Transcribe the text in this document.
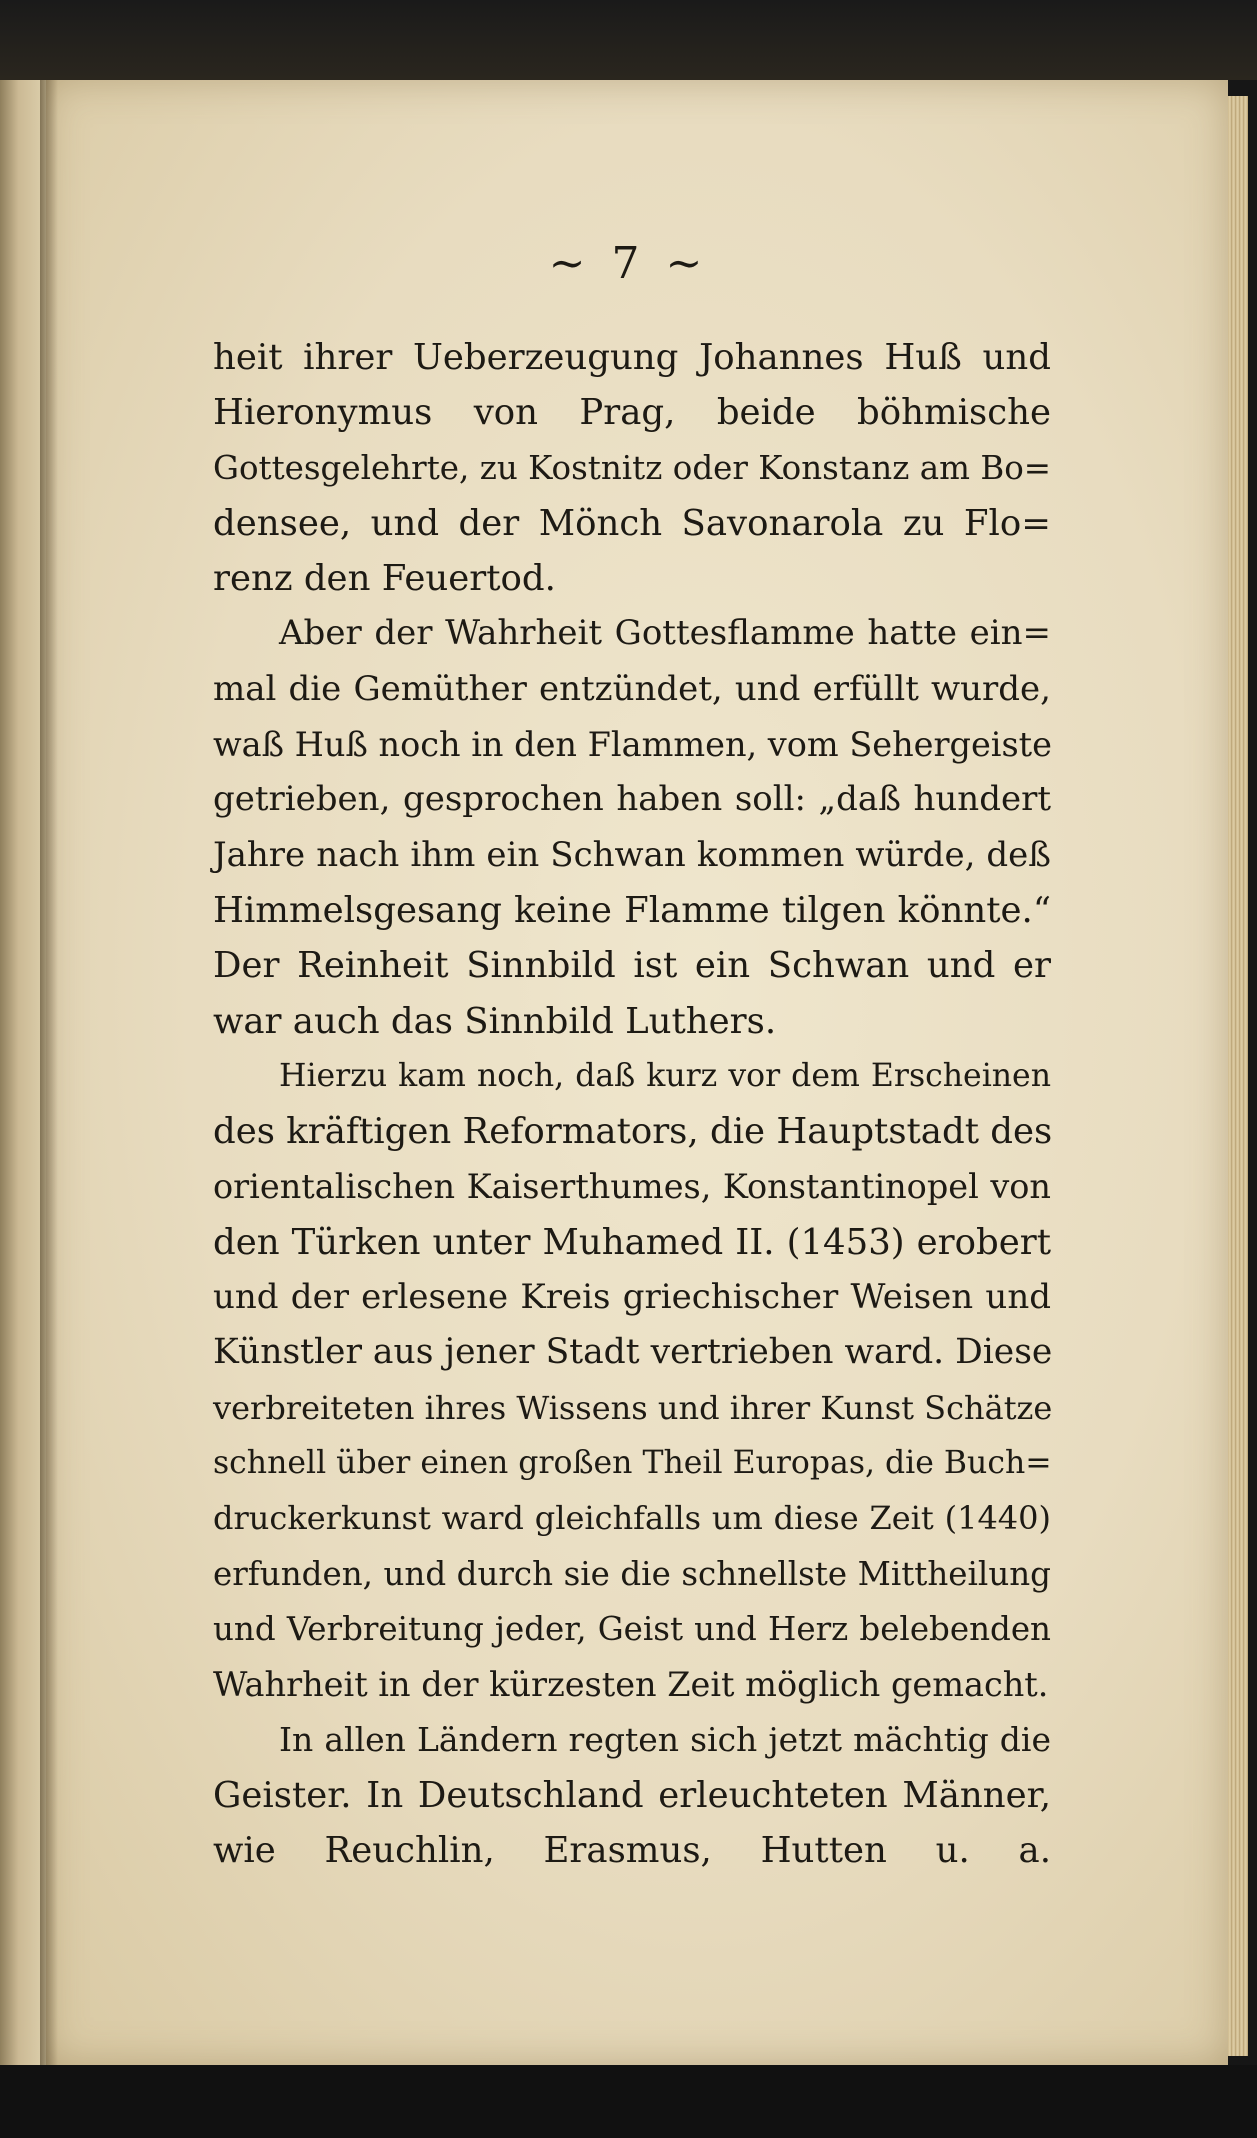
~ 7 ~
heit ihrer Ueberzeugung Johannes Huß und
Hieronymus von Prag, beide böhmische
Gottesgelehrte, zu Kostnitz oder Konstanz am Bo=
densee, und der Mönch Savonarola zu Flo=
renz den Feuertod.
Aber der Wahrheit Gottesflamme hatte ein=
mal die Gemüther entzündet, und erfüllt wurde,
waß Huß noch in den Flammen, vom Sehergeiste
getrieben, gesprochen haben soll: „daß hundert
Jahre nach ihm ein Schwan kommen würde, deß
Himmelsgesang keine Flamme tilgen könnte.“
Der Reinheit Sinnbild ist ein Schwan und er
war auch das Sinnbild Luthers.
Hierzu kam noch, daß kurz vor dem Erscheinen
des kräftigen Reformators, die Hauptstadt des
orientalischen Kaiserthumes, Konstantinopel von
den Türken unter Muhamed II. (1453) erobert
und der erlesene Kreis griechischer Weisen und
Künstler aus jener Stadt vertrieben ward. Diese
verbreiteten ihres Wissens und ihrer Kunst Schätze
schnell über einen großen Theil Europas, die Buch=
druckerkunst ward gleichfalls um diese Zeit (1440)
erfunden, und durch sie die schnellste Mittheilung
und Verbreitung jeder, Geist und Herz belebenden
Wahrheit in der kürzesten Zeit möglich gemacht.
In allen Ländern regten sich jetzt mächtig die
Geister. In Deutschland erleuchteten Männer,
wie Reuchlin, Erasmus, Hutten u. a.
